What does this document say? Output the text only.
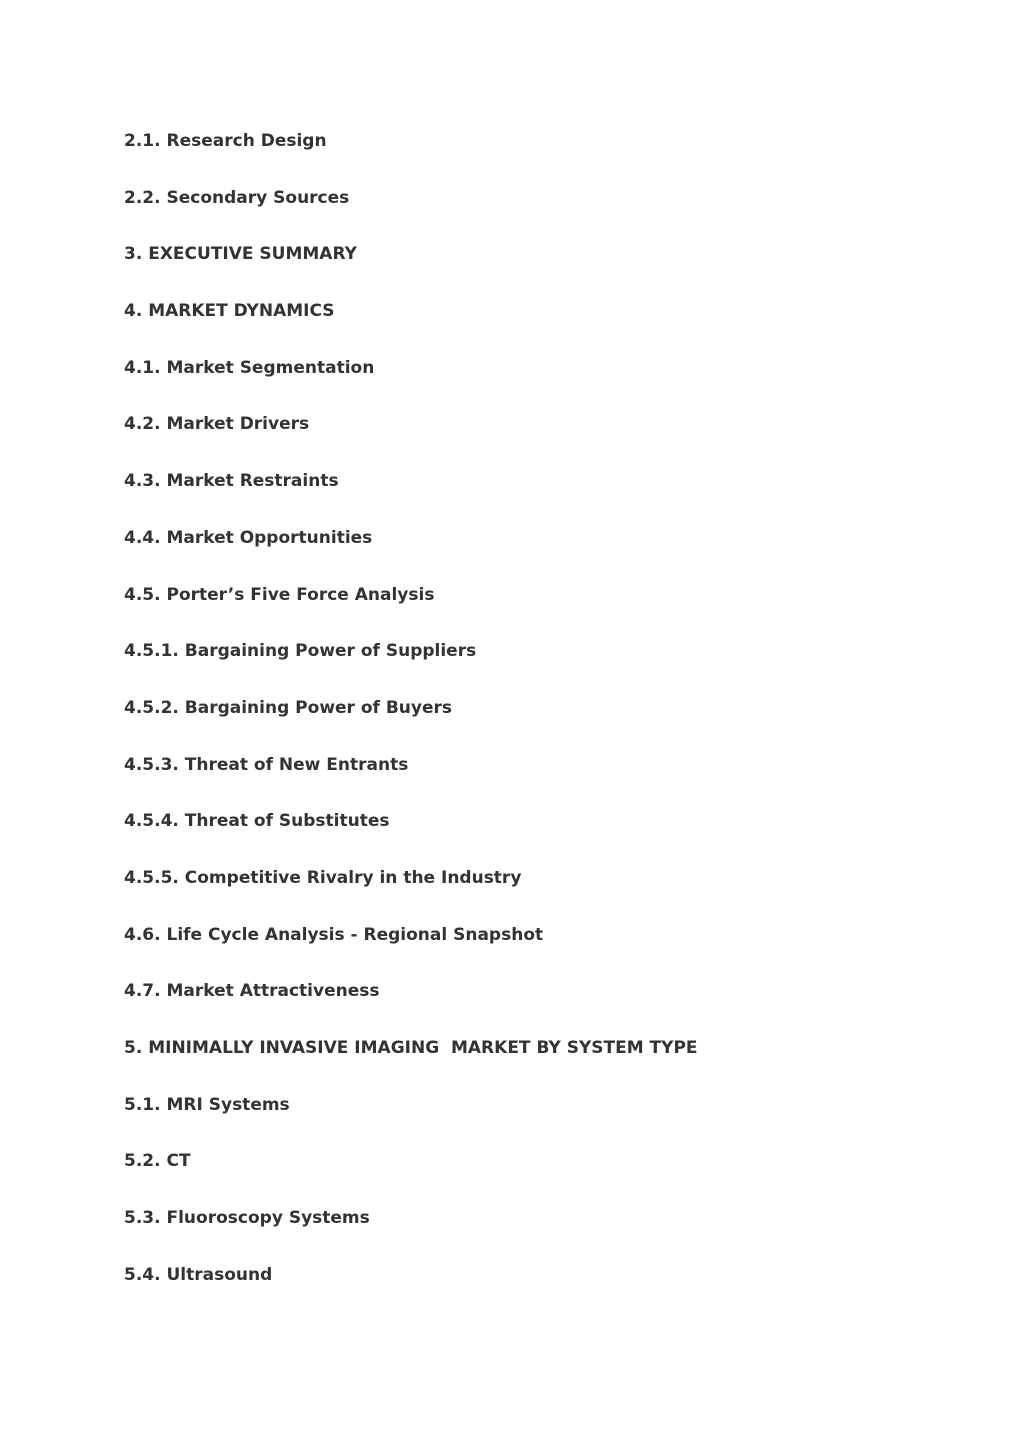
2.1. Research Design
2.2. Secondary Sources
3. EXECUTIVE SUMMARY
4. MARKET DYNAMICS
4.1. Market Segmentation
4.2. Market Drivers
4.3. Market Restraints
4.4. Market Opportunities
4.5. Porter’s Five Force Analysis
4.5.1. Bargaining Power of Suppliers
4.5.2. Bargaining Power of Buyers
4.5.3. Threat of New Entrants
4.5.4. Threat of Substitutes
4.5.5. Competitive Rivalry in the Industry
4.6. Life Cycle Analysis - Regional Snapshot
4.7. Market Attractiveness
5. MINIMALLY INVASIVE IMAGING  MARKET BY SYSTEM TYPE
5.1. MRI Systems
5.2. CT
5.3. Fluoroscopy Systems
5.4. Ultrasound
